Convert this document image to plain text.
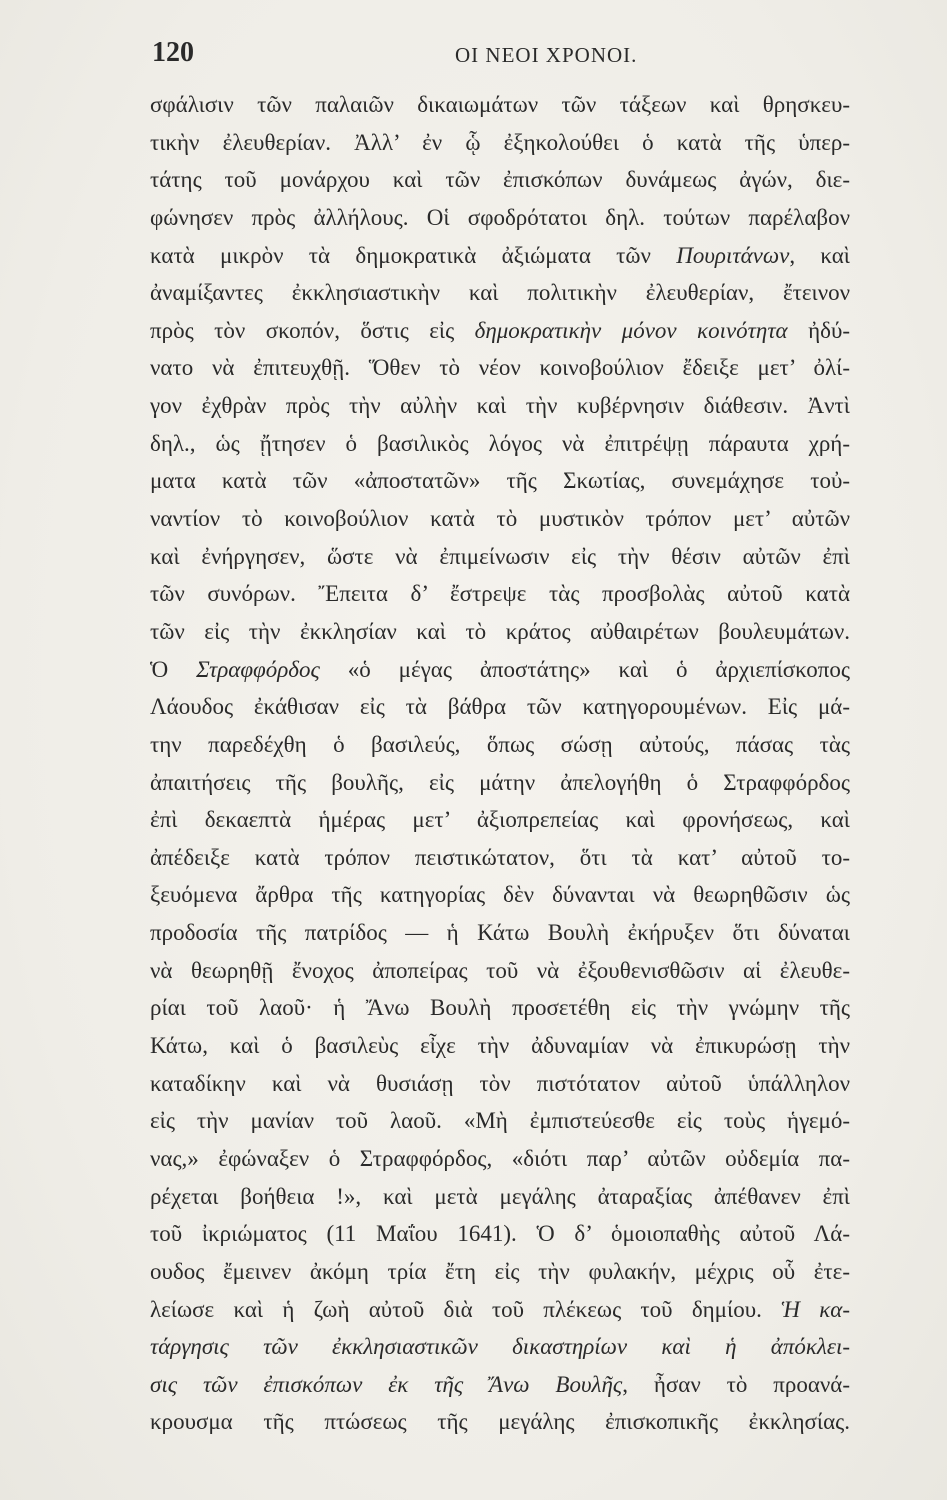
120	ΟΙ ΝΕΟΙ ΧΡΟΝΟΙ.
σφάλισιν τῶν παλαιῶν δικαιωμάτων τῶν τάξεων καὶ θρησκευ-
τικὴν ἐλευθερίαν. Ἀλλ’ ἐν ᾧ ἐξηκολούθει ὁ κατὰ τῆς ὑπερ-
τάτης τοῦ μονάρχου καὶ τῶν ἐπισκόπων δυνάμεως ἀγών, διε-
φώνησεν πρὸς ἀλλήλους. Οἱ σφοδρότατοι δηλ. τούτων παρέλαβον
κατὰ μικρὸν τὰ δημοκρατικὰ ἀξιώματα τῶν Πουριτάνων, καὶ
ἀναμίξαντες ἐκκλησιαστικὴν καὶ πολιτικὴν ἐλευθερίαν, ἔτεινον
πρὸς τὸν σκοπόν, ὅστις εἰς δημοκρατικὴν μόνον κοινότητα ἠδύ-
νατο νὰ ἐπιτευχθῇ. Ὅθεν τὸ νέον κοινοβούλιον ἔδειξε μετ’ ὀλί-
γον ἐχθρὰν πρὸς τὴν αὐλὴν καὶ τὴν κυβέρνησιν διάθεσιν. Ἀντὶ
δηλ., ὡς ᾔτησεν ὁ βασιλικὸς λόγος νὰ ἐπιτρέψῃ πάραυτα χρή-
ματα κατὰ τῶν «ἀποστατῶν» τῆς Σκωτίας, συνεμάχησε τοὐ-
ναντίον τὸ κοινοβούλιον κατὰ τὸ μυστικὸν τρόπον μετ’ αὐτῶν
καὶ ἐνήργησεν, ὥστε νὰ ἐπιμείνωσιν εἰς τὴν θέσιν αὐτῶν ἐπὶ
τῶν συνόρων. Ἔπειτα δ’ ἔστρεψε τὰς προσβολὰς αὐτοῦ κατὰ
τῶν εἰς τὴν ἐκκλησίαν καὶ τὸ κράτος αὐθαιρέτων βουλευμάτων.
Ὁ Στραφφόρδος «ὁ μέγας ἀποστάτης» καὶ ὁ ἀρχιεπίσκοπος
Λάουδος ἐκάθισαν εἰς τὰ βάθρα τῶν κατηγορουμένων. Εἰς μά-
την παρεδέχθη ὁ βασιλεύς, ὅπως σώσῃ αὐτούς, πάσας τὰς
ἀπαιτήσεις τῆς βουλῆς, εἰς μάτην ἀπελογήθη ὁ Στραφφόρδος
ἐπὶ δεκαεπτὰ ἡμέρας μετ’ ἀξιοπρεπείας καὶ φρονήσεως, καὶ
ἀπέδειξε κατὰ τρόπον πειστικώτατον, ὅτι τὰ κατ’ αὐτοῦ το-
ξευόμενα ἄρθρα τῆς κατηγορίας δὲν δύνανται νὰ θεωρηθῶσιν ὡς
προδοσία τῆς πατρίδος — ἡ Κάτω Βουλὴ ἐκήρυξεν ὅτι δύναται
νὰ θεωρηθῇ ἔνοχος ἀποπείρας τοῦ νὰ ἐξουθενισθῶσιν αἱ ἐλευθε-
ρίαι τοῦ λαοῦ· ἡ Ἄνω Βουλὴ προσετέθη εἰς τὴν γνώμην τῆς
Κάτω, καὶ ὁ βασιλεὺς εἶχε τὴν ἀδυναμίαν νὰ ἐπικυρώσῃ τὴν
καταδίκην καὶ νὰ θυσιάσῃ τὸν πιστότατον αὐτοῦ ὑπάλληλον
εἰς τὴν μανίαν τοῦ λαοῦ. «Μὴ ἐμπιστεύεσθε εἰς τοὺς ἡγεμό-
νας,» ἐφώναξεν ὁ Στραφφόρδος, «διότι παρ’ αὐτῶν οὐδεμία πα-
ρέχεται βοήθεια !», καὶ μετὰ μεγάλης ἀταραξίας ἀπέθανεν ἐπὶ
τοῦ ἰκριώματος (11 Μαΐου 1641). Ὁ δ’ ὁμοιοπαθὴς αὐτοῦ Λά-
ουδος ἔμεινεν ἀκόμη τρία ἔτη εἰς τὴν φυλακήν, μέχρις οὗ ἐτε-
λείωσε καὶ ἡ ζωὴ αὐτοῦ διὰ τοῦ πλέκεως τοῦ δημίου. Ἡ κα-
τάργησις τῶν ἐκκλησιαστικῶν δικαστηρίων καὶ ἡ ἀπόκλει-
σις τῶν ἐπισκόπων ἐκ τῆς Ἄνω Βουλῆς, ἦσαν τὸ προανά-
κρουσμα τῆς πτώσεως τῆς μεγάλης ἐπισκοπικῆς ἐκκλησίας.
